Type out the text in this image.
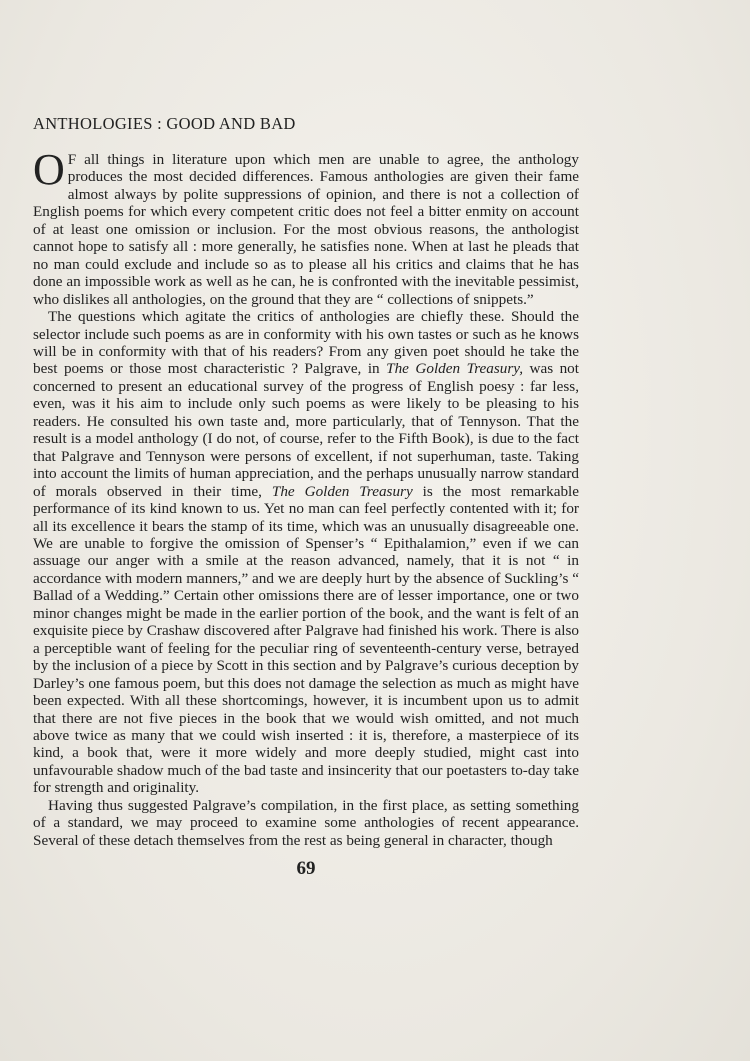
ANTHOLOGIES : GOOD AND BAD

O F all things in literature upon which men are unable to agree, the anthology produces the most decided differences. Famous anthologies are given their fame almost always by polite suppressions of opinion, and there is not a collection of English poems for which every competent critic does not feel a bitter enmity on account of at least one omission or inclusion. For the most obvious reasons, the anthologist cannot hope to satisfy all : more generally, he satisfies none. When at last he pleads that no man could exclude and include so as to please all his critics and claims that he has done an impossible work as well as he can, he is confronted with the inevitable pessimist, who dislikes all anthologies, on the ground that they are “ collections of snippets.”

The questions which agitate the critics of anthologies are chiefly these. Should the selector include such poems as are in conformity with his own tastes or such as he knows will be in conformity with that of his readers? From any given poet should he take the best poems or those most characteristic ? Palgrave, in The Golden Treasury, was not concerned to present an educational survey of the progress of English poesy : far less, even, was it his aim to include only such poems as were likely to be pleasing to his readers. He consulted his own taste and, more particularly, that of Tennyson. That the result is a model anthology (I do not, of course, refer to the Fifth Book), is due to the fact that Palgrave and Tennyson were persons of excellent, if not superhuman, taste. Taking into account the limits of human appreciation, and the perhaps unusually narrow standard of morals observed in their time, The Golden Treasury is the most remarkable performance of its kind known to us. Yet no man can feel perfectly contented with it; for all its excellence it bears the stamp of its time, which was an unusually disagreeable one. We are unable to forgive the omission of Spenser’s “ Epithalamion,” even if we can assuage our anger with a smile at the reason advanced, namely, that it is not “ in accordance with modern manners,” and we are deeply hurt by the absence of Suckling’s “ Ballad of a Wedding.” Certain other omissions there are of lesser importance, one or two minor changes might be made in the earlier portion of the book, and the want is felt of an exquisite piece by Crashaw discovered after Palgrave had finished his work. There is also a perceptible want of feeling for the peculiar ring of seventeenth-century verse, betrayed by the inclusion of a piece by Scott in this section and by Palgrave’s curious deception by Darley’s one famous poem, but this does not damage the selection as much as might have been expected. With all these shortcomings, however, it is incumbent upon us to admit that there are not five pieces in the book that we would wish omitted, and not much above twice as many that we could wish inserted : it is, therefore, a masterpiece of its kind, a book that, were it more widely and more deeply studied, might cast into unfavourable shadow much of the bad taste and insincerity that our poetasters to-day take for strength and originality.

Having thus suggested Palgrave’s compilation, in the first place, as setting something of a standard, we may proceed to examine some anthologies of recent appearance. Several of these detach themselves from the rest as being general in character, though

69
